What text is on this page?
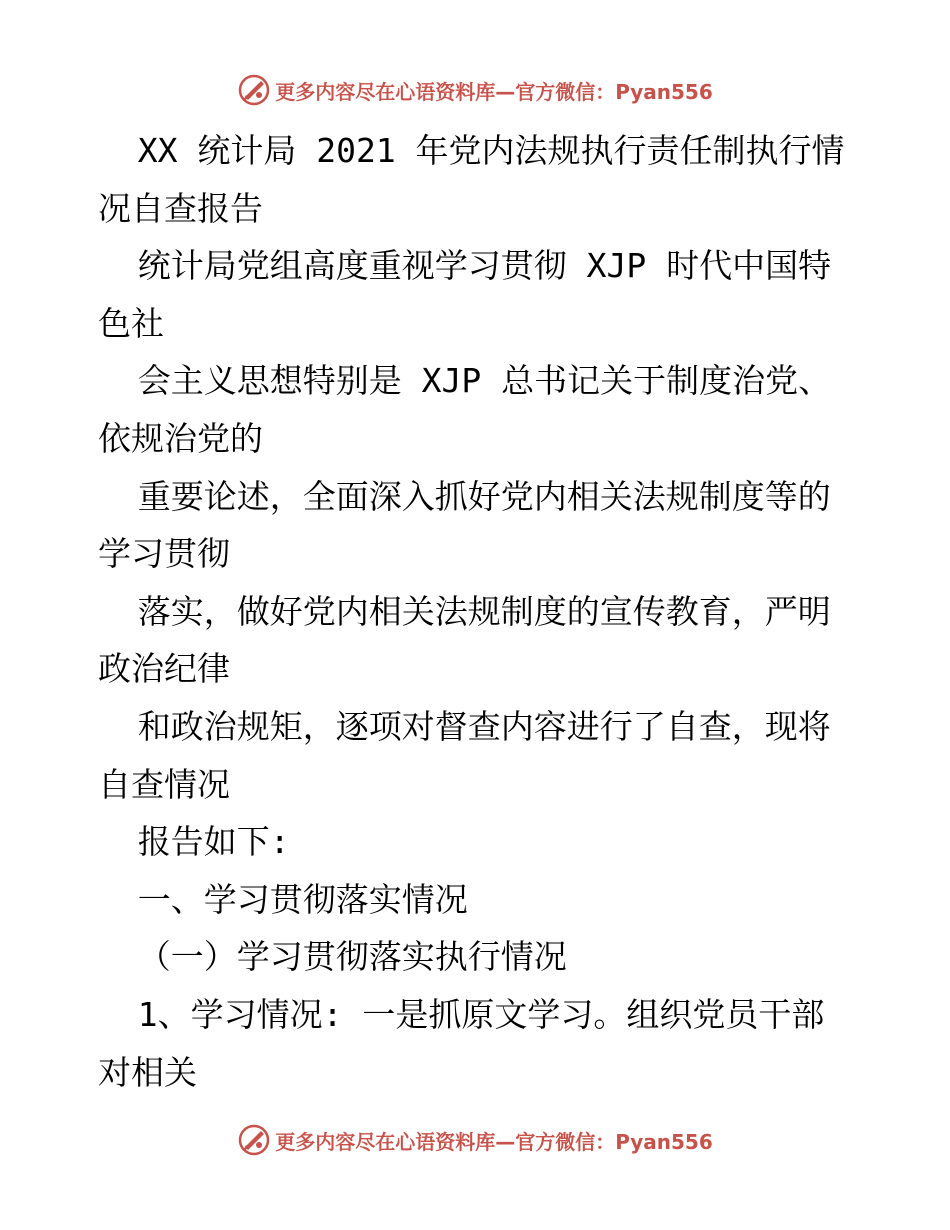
更多内容尽在心语资料库—官方微信：Pyan556

XX 统计局 2021 年党内法规执行责任制执行情

况自查报告

统计局党组高度重视学习贯彻 XJP 时代中国特

色社

会主义思想特别是 XJP 总书记关于制度治党、

依规治党的

重要论述，全面深入抓好党内相关法规制度等的

学习贯彻

落实，做好党内相关法规制度的宣传教育，严明

政治纪律

和政治规矩，逐项对督查内容进行了自查，现将

自查情况

报告如下:

一、学习贯彻落实情况

（一）学习贯彻落实执行情况

1、学习情况: 一是抓原文学习。组织党员干部

对相关

更多内容尽在心语资料库—官方微信：Pyan556
